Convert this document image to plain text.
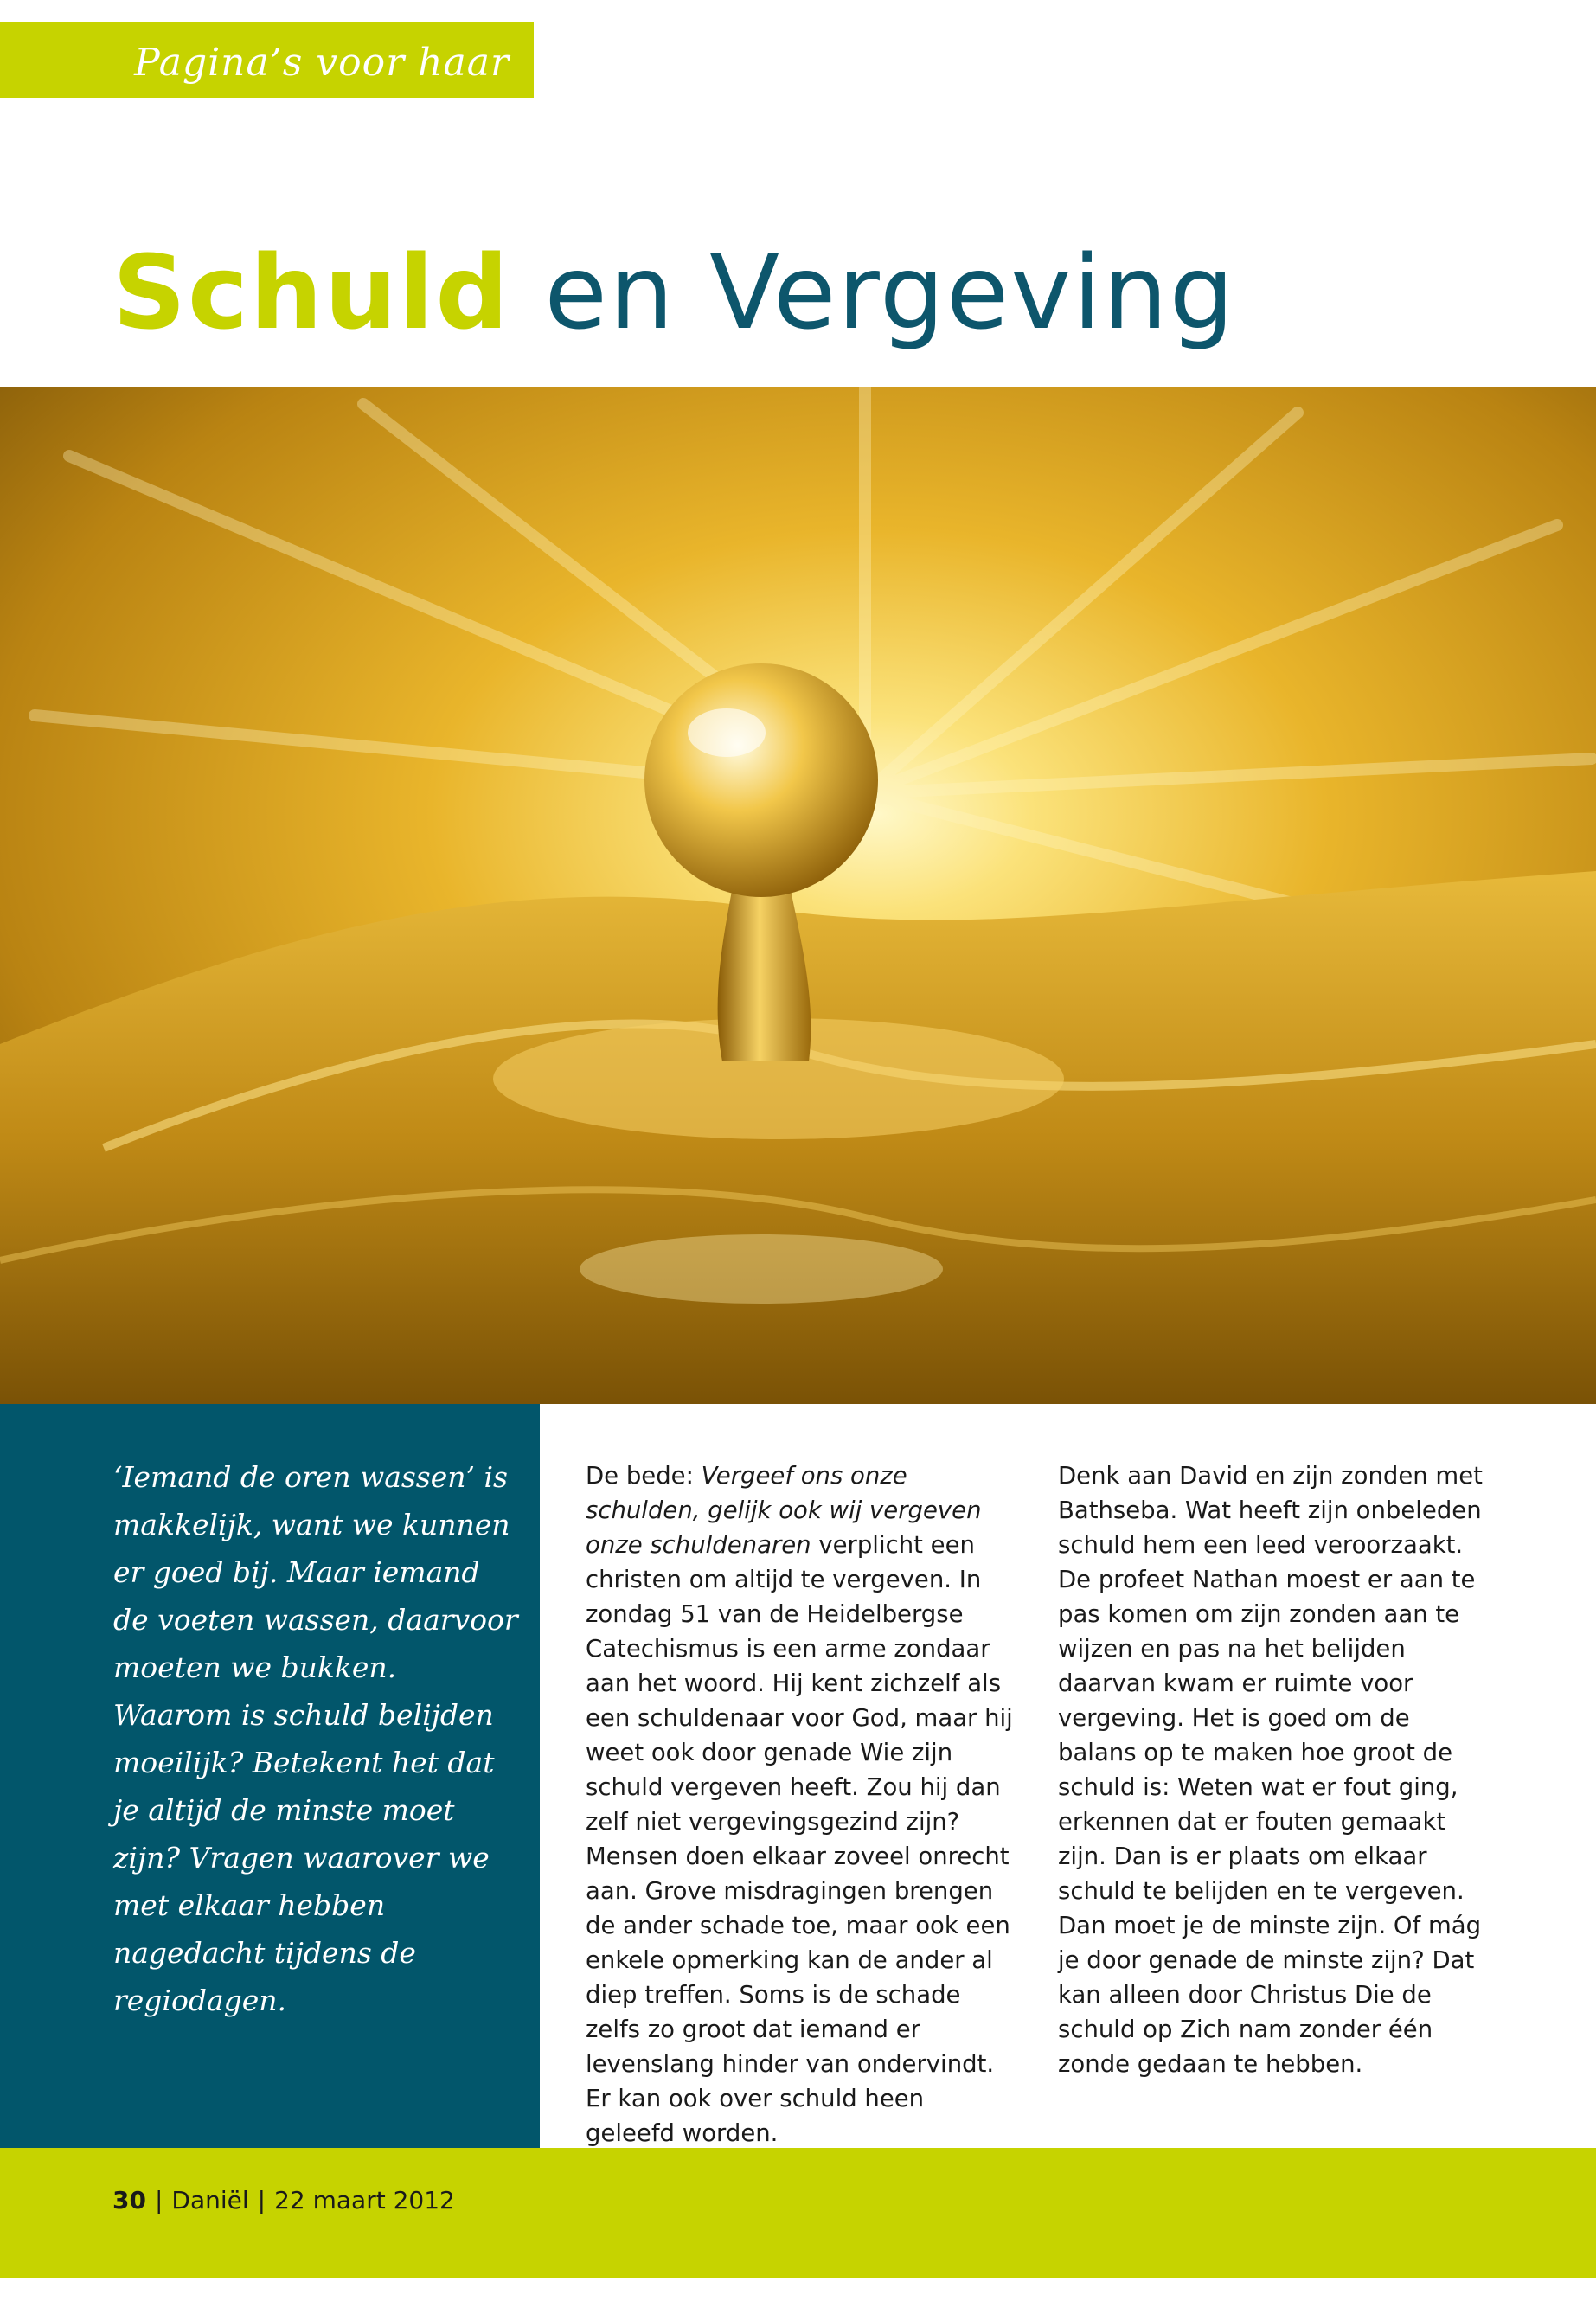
Pagina’s voor haar
Schuld en Vergeving

‘Iemand de oren wassen’ is makkelijk, want we kunnen er goed bij. Maar iemand de voeten wassen, daarvoor moeten we bukken. Waarom is schuld belijden moeilijk? Betekent het dat je altijd de minste moet zijn? Vragen waarover we met elkaar hebben nagedacht tijdens de regiodagen.

De bede: Vergeef ons onze schulden, gelijk ook wij vergeven onze schuldenaren verplicht een christen om altijd te vergeven. In zondag 51 van de Heidelbergse Catechismus is een arme zondaar aan het woord. Hij kent zichzelf als een schuldenaar voor God, maar hij weet ook door genade Wie zijn schuld vergeven heeft. Zou hij dan zelf niet vergevingsgezind zijn? Mensen doen elkaar zoveel onrecht aan. Grove misdragingen brengen de ander schade toe, maar ook een enkele opmerking kan de ander al diep treffen. Soms is de schade zelfs zo groot dat iemand er levenslang hinder van ondervindt. Er kan ook over schuld heen geleefd worden.

Denk aan David en zijn zonden met Bathseba. Wat heeft zijn onbeleden schuld hem een leed veroorzaakt. De profeet Nathan moest er aan te pas komen om zijn zonden aan te wijzen en pas na het belijden daarvan kwam er ruimte voor vergeving. Het is goed om de balans op te maken hoe groot de schuld is: Weten wat er fout ging, erkennen dat er fouten gemaakt zijn. Dan is er plaats om elkaar schuld te belijden en te vergeven. Dan moet je de minste zijn. Of mág je door genade de minste zijn? Dat kan alleen door Christus Die de schuld op Zich nam zonder één zonde gedaan te hebben.

30 | Daniël | 22 maart 2012
